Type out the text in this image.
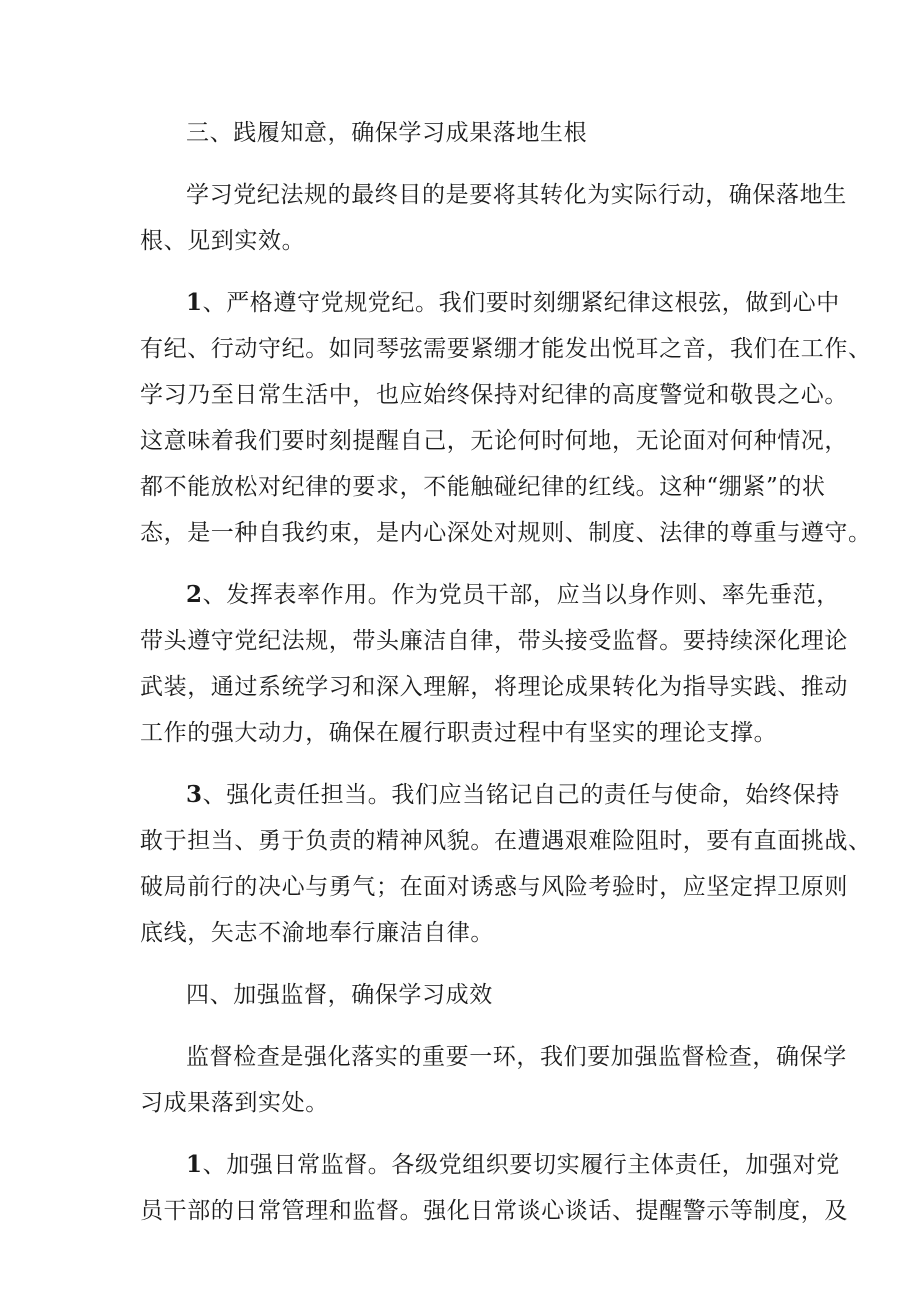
三、践履知意，确保学习成果落地生根
学习党纪法规的最终目的是要将其转化为实际行动，确保落地生
根、见到实效。
1、严格遵守党规党纪。我们要时刻绷紧纪律这根弦，做到心中
有纪、行动守纪。如同琴弦需要紧绷才能发出悦耳之音，我们在工作、
学习乃至日常生活中，也应始终保持对纪律的高度警觉和敬畏之心。
这意味着我们要时刻提醒自己，无论何时何地，无论面对何种情况，
都不能放松对纪律的要求，不能触碰纪律的红线。这种“绷紧”的状
态，是一种自我约束，是内心深处对规则、制度、法律的尊重与遵守。
2、发挥表率作用。作为党员干部，应当以身作则、率先垂范，
带头遵守党纪法规，带头廉洁自律，带头接受监督。要持续深化理论
武装，通过系统学习和深入理解，将理论成果转化为指导实践、推动
工作的强大动力，确保在履行职责过程中有坚实的理论支撑。
3、强化责任担当。我们应当铭记自己的责任与使命，始终保持
敢于担当、勇于负责的精神风貌。在遭遇艰难险阻时，要有直面挑战、
破局前行的决心与勇气；在面对诱惑与风险考验时，应坚定捍卫原则
底线，矢志不渝地奉行廉洁自律。
四、加强监督，确保学习成效
监督检查是强化落实的重要一环，我们要加强监督检查，确保学
习成果落到实处。
1、加强日常监督。各级党组织要切实履行主体责任，加强对党
员干部的日常管理和监督。强化日常谈心谈话、提醒警示等制度，及
